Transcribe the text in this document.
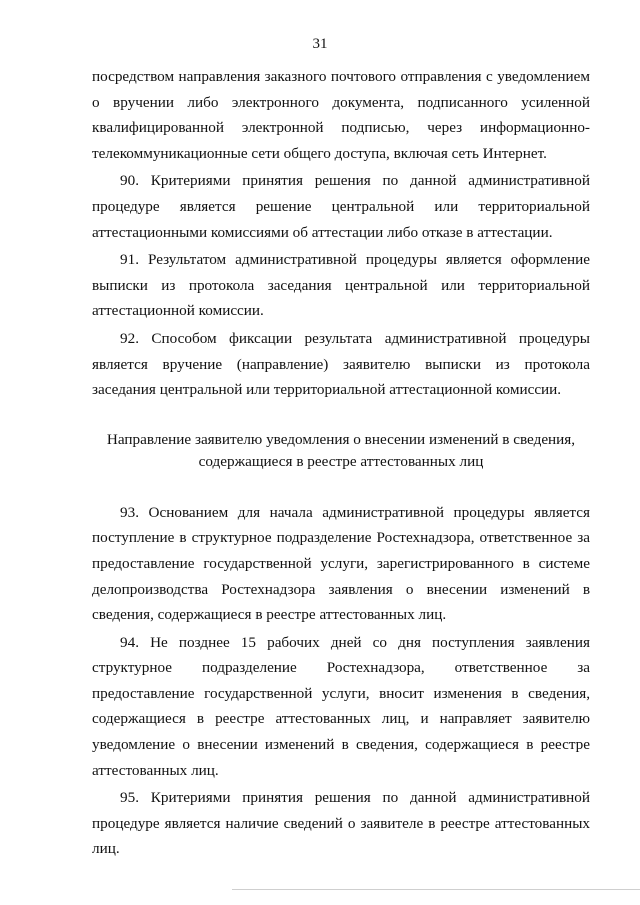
31

посредством направления заказного почтового отправления с уведомлением о вручении либо электронного документа, подписанного усиленной квалифицированной электронной подписью, через информационно-телекоммуникационные сети общего доступа, включая сеть Интернет.

90. Критериями принятия решения по данной административной процедуре является решение центральной или территориальной аттестационными комиссиями об аттестации либо отказе в аттестации.

91. Результатом административной процедуры является оформление выписки из протокола заседания центральной или территориальной аттестационной комиссии.

92. Способом фиксации результата административной процедуры является вручение (направление) заявителю выписки из протокола заседания центральной или территориальной аттестационной комиссии.

Направление заявителю уведомления о внесении изменений в сведения,
содержащиеся в реестре аттестованных лиц

93. Основанием для начала административной процедуры является поступление в структурное подразделение Ростехнадзора, ответственное за предоставление государственной услуги, зарегистрированного в системе делопроизводства Ростехнадзора заявления о внесении изменений в сведения, содержащиеся в реестре аттестованных лиц.

94. Не позднее 15 рабочих дней со дня поступления заявления структурное подразделение Ростехнадзора, ответственное за предоставление государственной услуги, вносит изменения в сведения, содержащиеся в реестре аттестованных лиц, и направляет заявителю уведомление о внесении изменений в сведения, содержащиеся в реестре аттестованных лиц.

95. Критериями принятия решения по данной административной процедуре является наличие сведений о заявителе в реестре аттестованных лиц.
